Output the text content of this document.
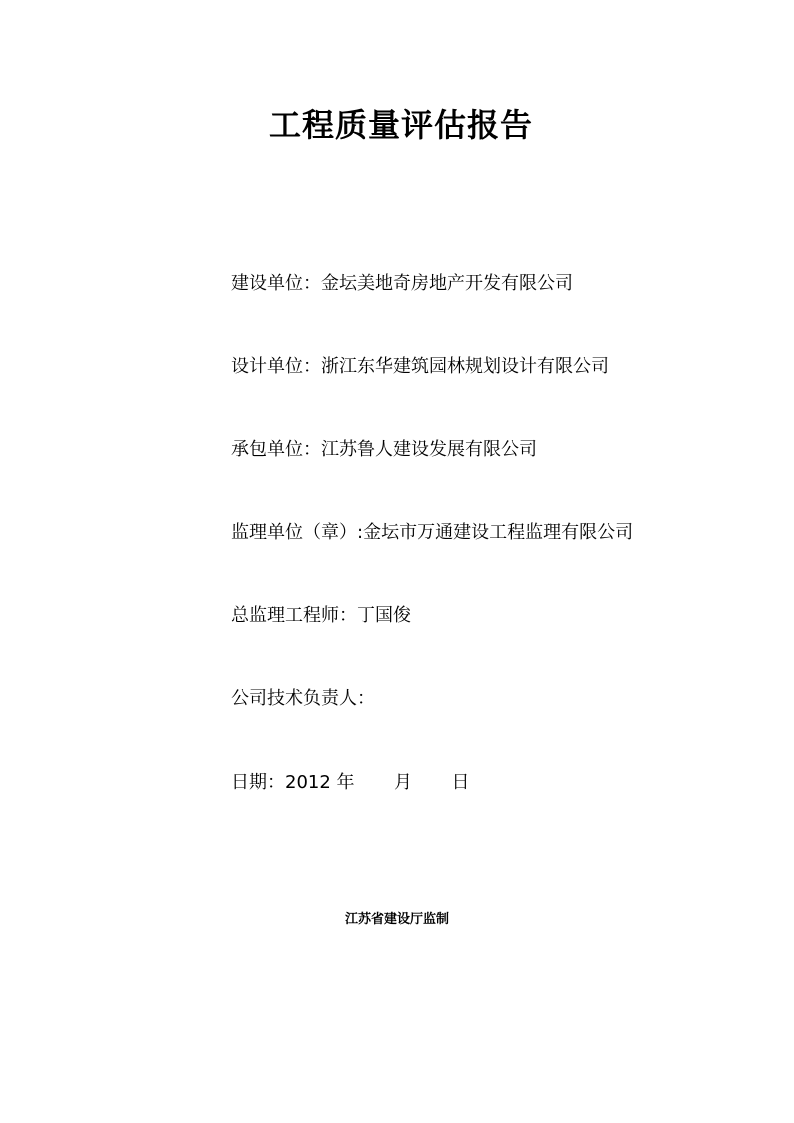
工程质量评估报告
建设单位：金坛美地奇房地产开发有限公司
设计单位：浙江东华建筑园林规划设计有限公司
承包单位：江苏鲁人建设发展有限公司
监理单位（章）:金坛市万通建设工程监理有限公司
总监理工程师：丁国俊
公司技术负责人：
日期：2012 年 月 日
江苏省建设厅监制
